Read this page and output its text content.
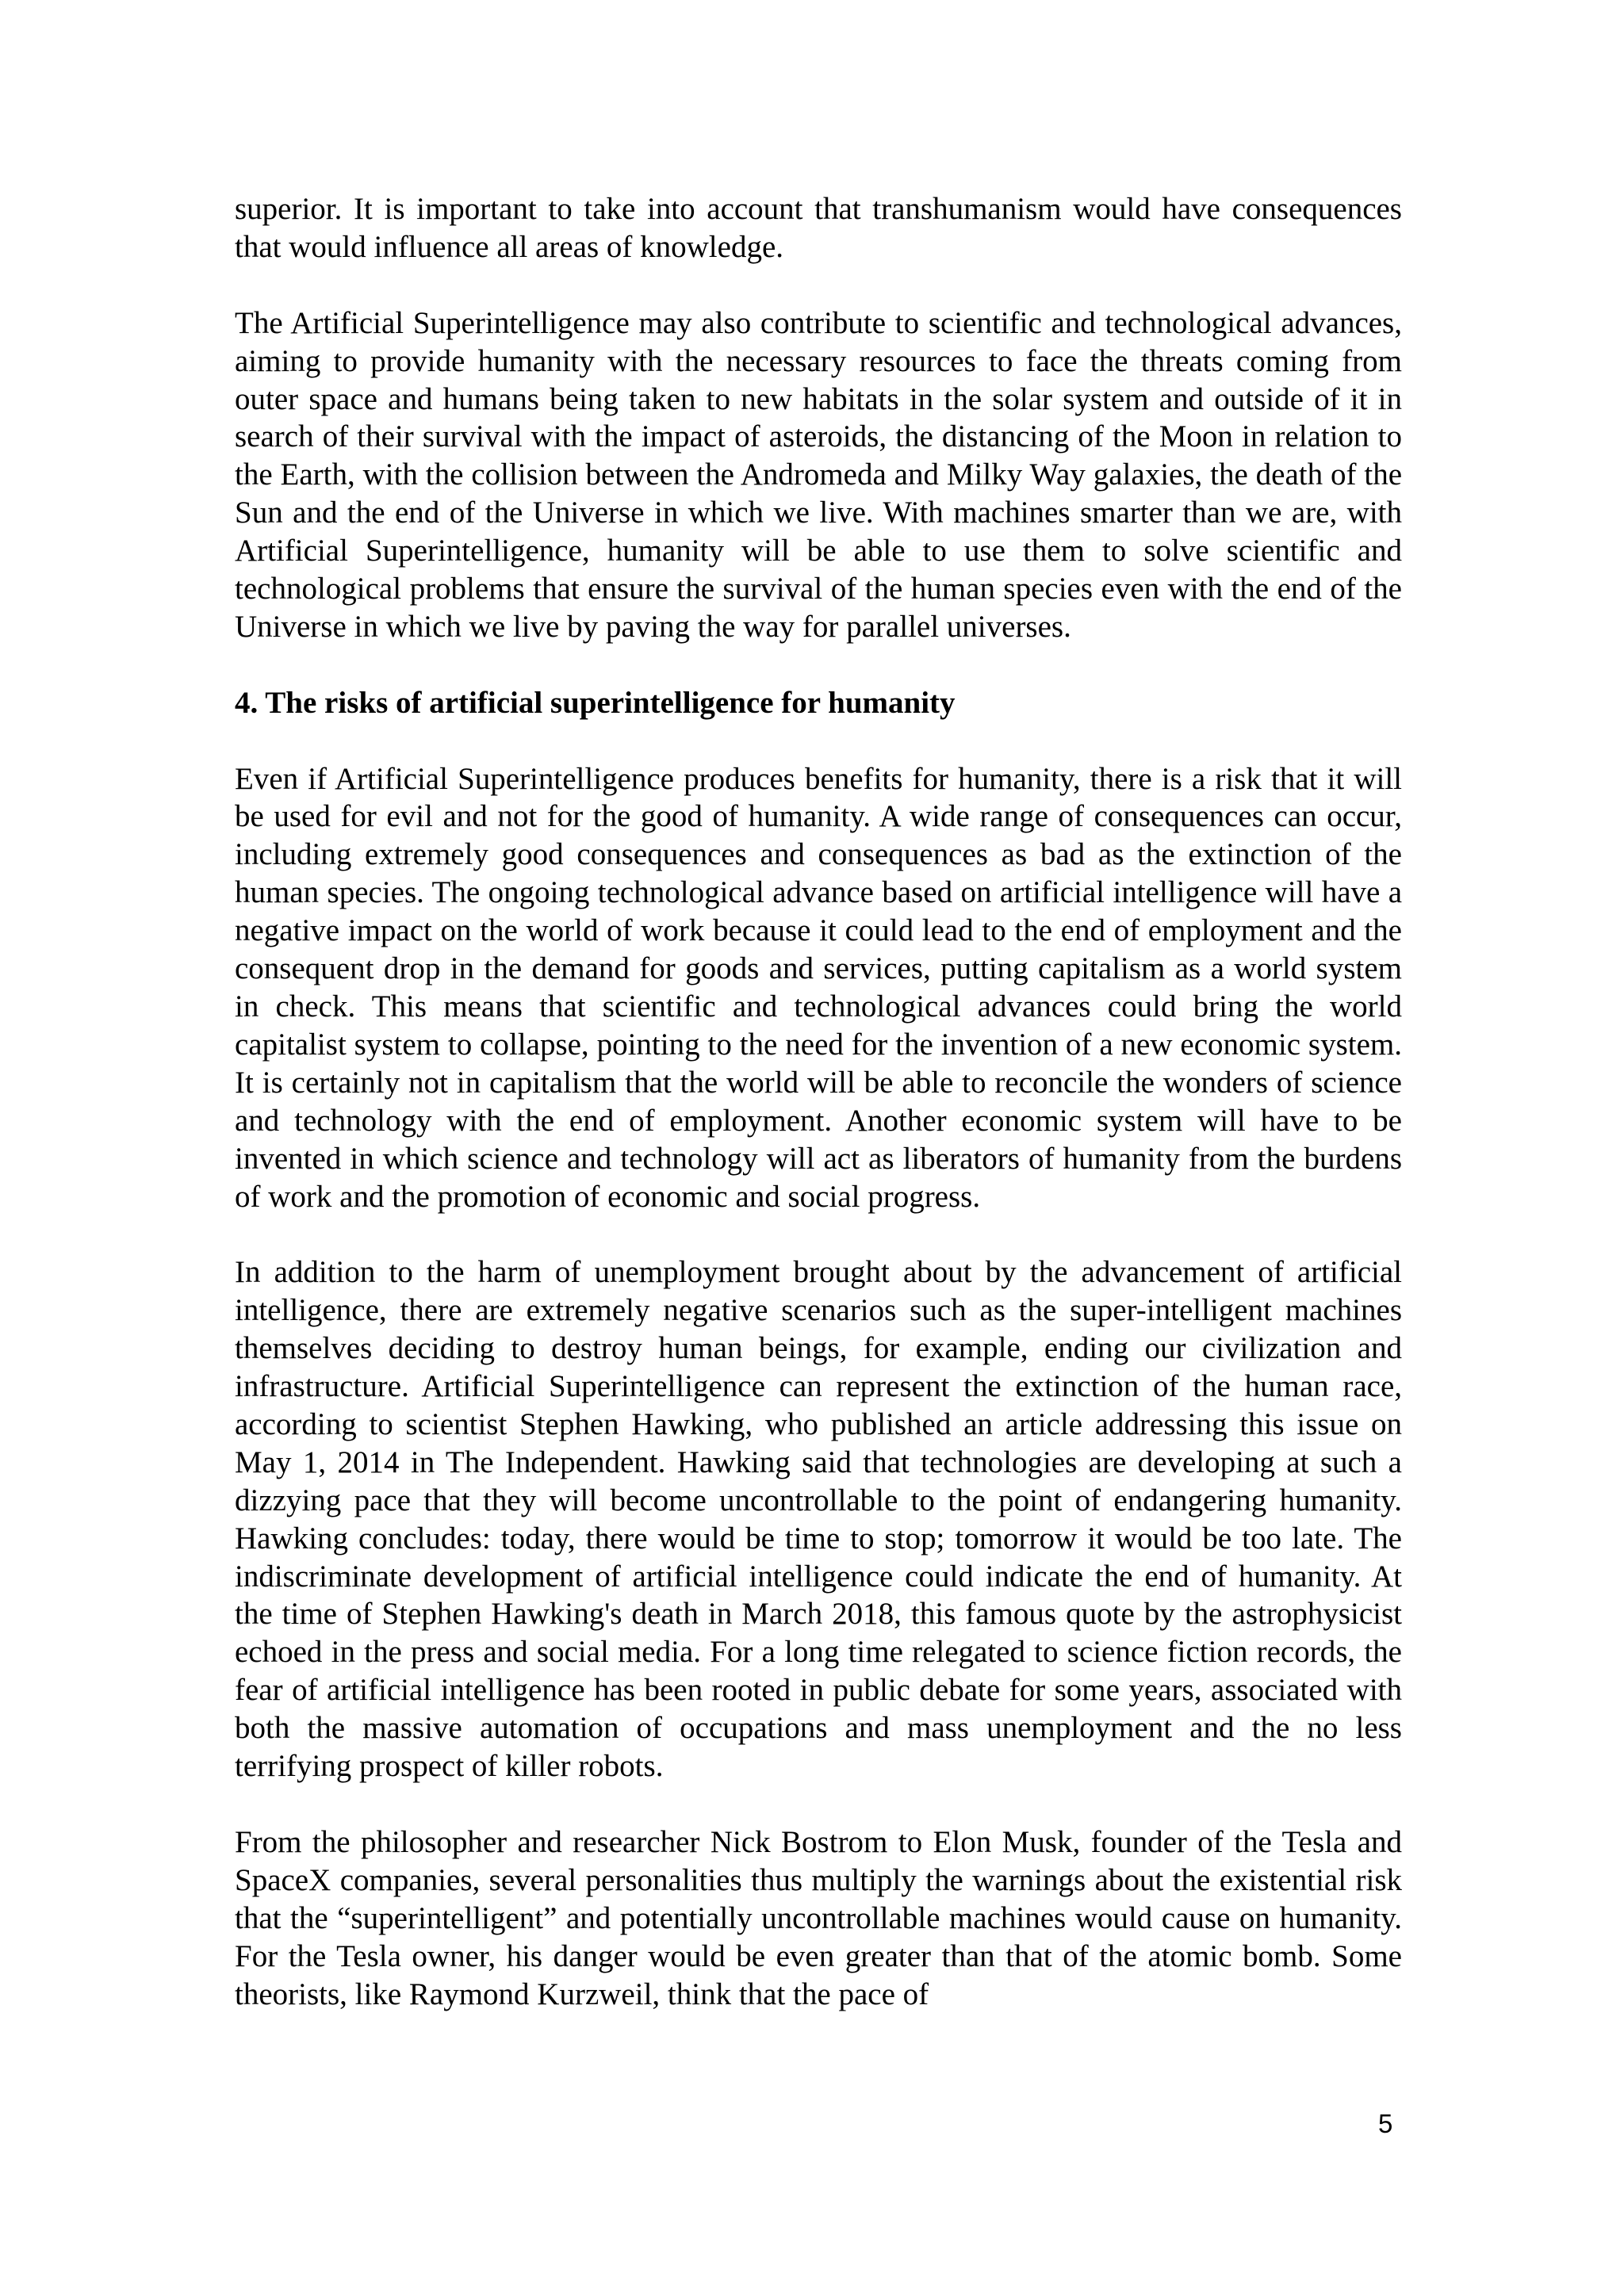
superior. It is important to take into account that transhumanism would have consequences that would influence all areas of knowledge.

The Artificial Superintelligence may also contribute to scientific and technological advances, aiming to provide humanity with the necessary resources to face the threats coming from outer space and humans being taken to new habitats in the solar system and outside of it in search of their survival with the impact of asteroids, the distancing of the Moon in relation to the Earth, with the collision between the Andromeda and Milky Way galaxies, the death of the Sun and the end of the Universe in which we live. With machines smarter than we are, with Artificial Superintelligence, humanity will be able to use them to solve scientific and technological problems that ensure the survival of the human species even with the end of the Universe in which we live by paving the way for parallel universes.

4. The risks of artificial superintelligence for humanity

Even if Artificial Superintelligence produces benefits for humanity, there is a risk that it will be used for evil and not for the good of humanity. A wide range of consequences can occur, including extremely good consequences and consequences as bad as the extinction of the human species. The ongoing technological advance based on artificial intelligence will have a negative impact on the world of work because it could lead to the end of employment and the consequent drop in the demand for goods and services, putting capitalism as a world system in check. This means that scientific and technological advances could bring the world capitalist system to collapse, pointing to the need for the invention of a new economic system. It is certainly not in capitalism that the world will be able to reconcile the wonders of science and technology with the end of employment. Another economic system will have to be invented in which science and technology will act as liberators of humanity from the burdens of work and the promotion of economic and social progress.

In addition to the harm of unemployment brought about by the advancement of artificial intelligence, there are extremely negative scenarios such as the super-intelligent machines themselves deciding to destroy human beings, for example, ending our civilization and infrastructure. Artificial Superintelligence can represent the extinction of the human race, according to scientist Stephen Hawking, who published an article addressing this issue on May 1, 2014 in The Independent. Hawking said that technologies are developing at such a dizzying pace that they will become uncontrollable to the point of endangering humanity. Hawking concludes: today, there would be time to stop; tomorrow it would be too late. The indiscriminate development of artificial intelligence could indicate the end of humanity. At the time of Stephen Hawking's death in March 2018, this famous quote by the astrophysicist echoed in the press and social media. For a long time relegated to science fiction records, the fear of artificial intelligence has been rooted in public debate for some years, associated with both the massive automation of occupations and mass unemployment and the no less terrifying prospect of killer robots.

From the philosopher and researcher Nick Bostrom to Elon Musk, founder of the Tesla and SpaceX companies, several personalities thus multiply the warnings about the existential risk that the “superintelligent” and potentially uncontrollable machines would cause on humanity. For the Tesla owner, his danger would be even greater than that of the atomic bomb. Some theorists, like Raymond Kurzweil, think that the pace of

5
